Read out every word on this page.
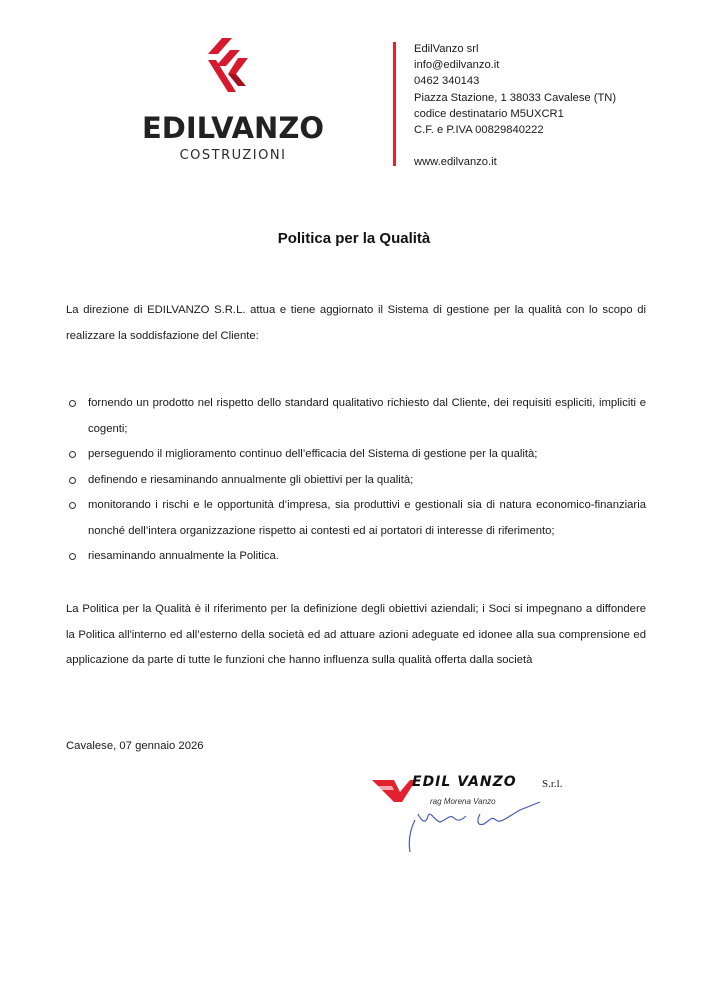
EDILVANZO
COSTRUZIONI
EdilVanzo srl
info@edilvanzo.it
0462 340143
Piazza Stazione, 1 38033 Cavalese (TN)
codice destinatario M5UXCR1
C.F. e P.IVA 00829840222
www.edilvanzo.it
Politica per la Qualità
La direzione di EDILVANZO S.R.L. attua e tiene aggiornato il Sistema di gestione per la qualità con lo scopo di realizzare la soddisfazione del Cliente:
fornendo un prodotto nel rispetto dello standard qualitativo richiesto dal Cliente, dei requisiti espliciti, impliciti e cogenti;
perseguendo il miglioramento continuo dell’efficacia del Sistema di gestione per la qualità;
definendo e riesaminando annualmente gli obiettivi per la qualità;
monitorando i rischi e le opportunità d’impresa, sia produttivi e gestionali sia di natura economico-finanziaria nonché dell’intera organizzazione rispetto ai contesti ed ai portatori di interesse di riferimento;
riesaminando annualmente la Politica.
La Politica per la Qualità è il riferimento per la definizione degli obiettivi aziendali; i Soci si impegnano a diffondere la Politica all'interno ed all’esterno della società ed ad attuare azioni adeguate ed idonee alla sua comprensione ed applicazione da parte di tutte le funzioni che hanno influenza sulla qualità offerta dalla società
Cavalese, 07 gennaio 2026
EDIL VANZO S.r.l.
rag Morena Vanzo
